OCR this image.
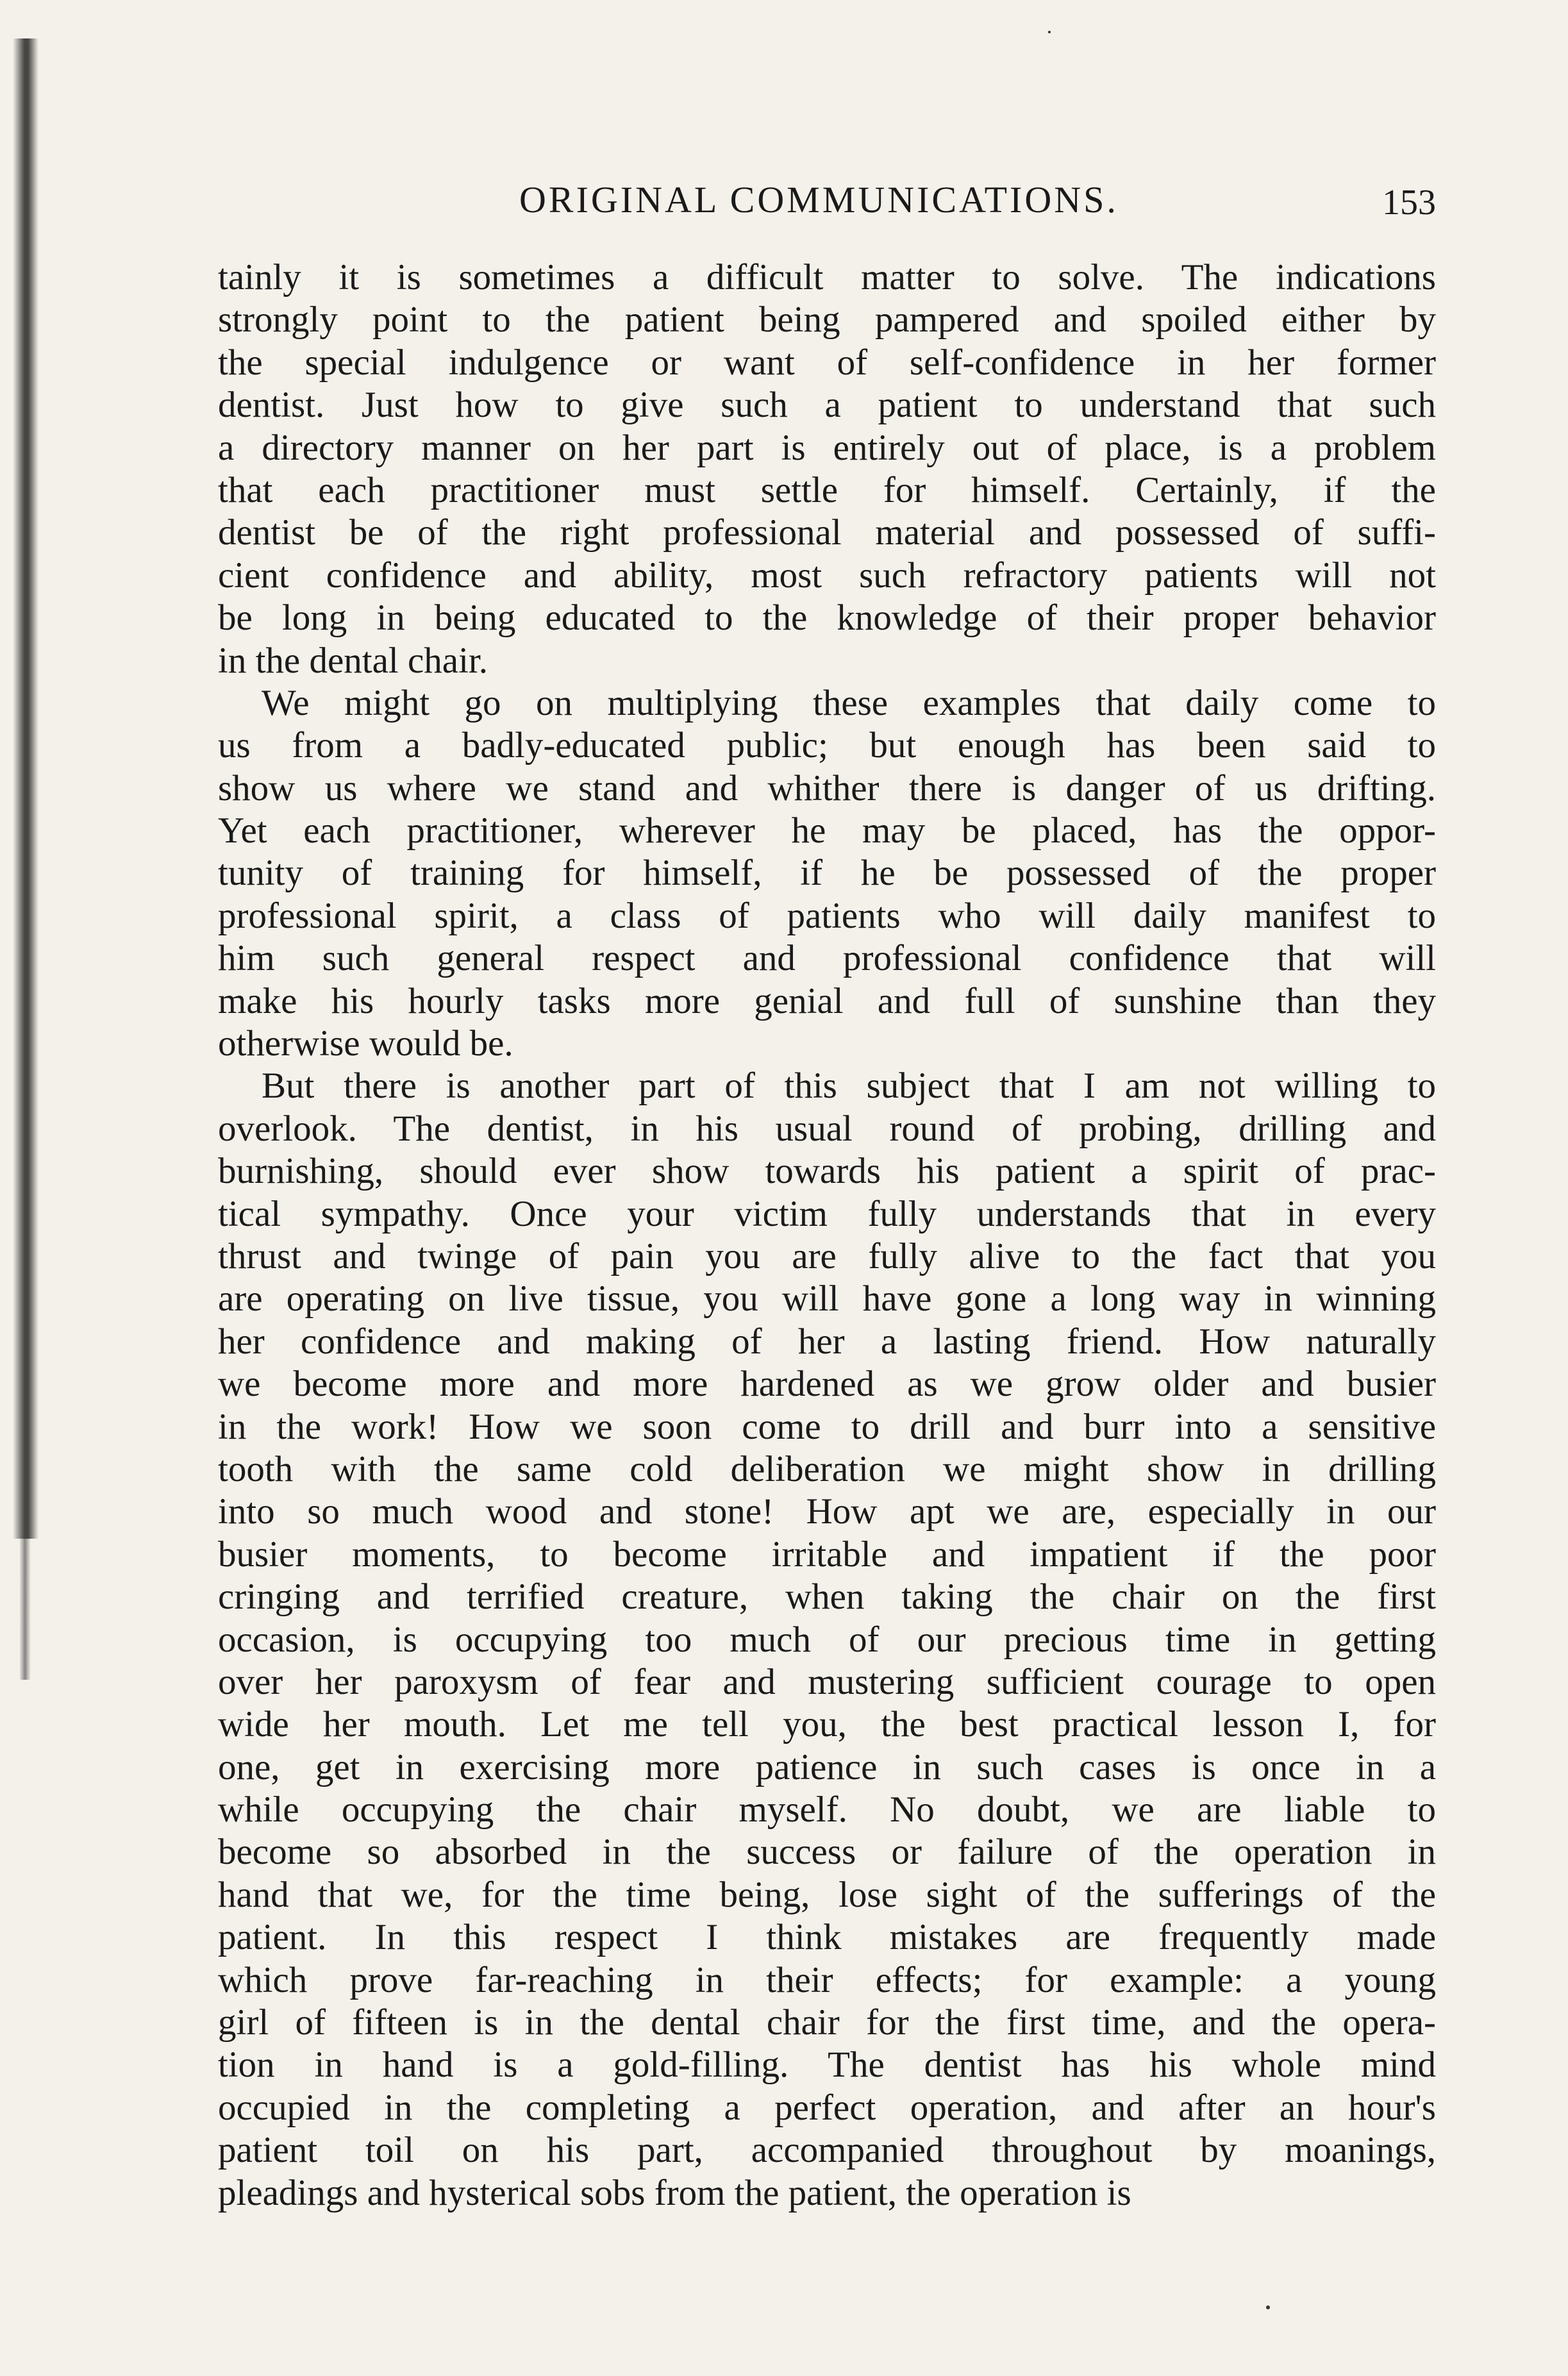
ORIGINAL COMMUNICATIONS.	153
tainly it is sometimes a difficult matter to solve. The indications
strongly point to the patient being pampered and spoiled either by
the special indulgence or want of self-confidence in her former
dentist. Just how to give such a patient to understand that such
a directory manner on her part is entirely out of place, is a problem
that each practitioner must settle for himself. Certainly, if the
dentist be of the right professional material and possessed of suffi-
cient confidence and ability, most such refractory patients will not
be long in being educated to the knowledge of their proper behavior
in the dental chair.
We might go on multiplying these examples that daily come to
us from a badly-educated public; but enough has been said to
show us where we stand and whither there is danger of us drifting.
Yet each practitioner, wherever he may be placed, has the oppor-
tunity of training for himself, if he be possessed of the proper
professional spirit, a class of patients who will daily manifest to
him such general respect and professional confidence that will
make his hourly tasks more genial and full of sunshine than they
otherwise would be.
But there is another part of this subject that I am not willing to
overlook. The dentist, in his usual round of probing, drilling and
burnishing, should ever show towards his patient a spirit of prac-
tical sympathy. Once your victim fully understands that in every
thrust and twinge of pain you are fully alive to the fact that you
are operating on live tissue, you will have gone a long way in winning
her confidence and making of her a lasting friend. How naturally
we become more and more hardened as we grow older and busier
in the work! How we soon come to drill and burr into a sensitive
tooth with the same cold deliberation we might show in drilling
into so much wood and stone! How apt we are, especially in our
busier moments, to become irritable and impatient if the poor
cringing and terrified creature, when taking the chair on the first
occasion, is occupying too much of our precious time in getting
over her paroxysm of fear and mustering sufficient courage to open
wide her mouth. Let me tell you, the best practical lesson I, for
one, get in exercising more patience in such cases is once in a
while occupying the chair myself. No doubt, we are liable to
become so absorbed in the success or failure of the operation in
hand that we, for the time being, lose sight of the sufferings of the
patient. In this respect I think mistakes are frequently made
which prove far-reaching in their effects; for example: a young
girl of fifteen is in the dental chair for the first time, and the opera-
tion in hand is a gold-filling. The dentist has his whole mind
occupied in the completing a perfect operation, and after an hour's
patient toil on his part, accompanied throughout by moanings,
pleadings and hysterical sobs from the patient, the operation is
